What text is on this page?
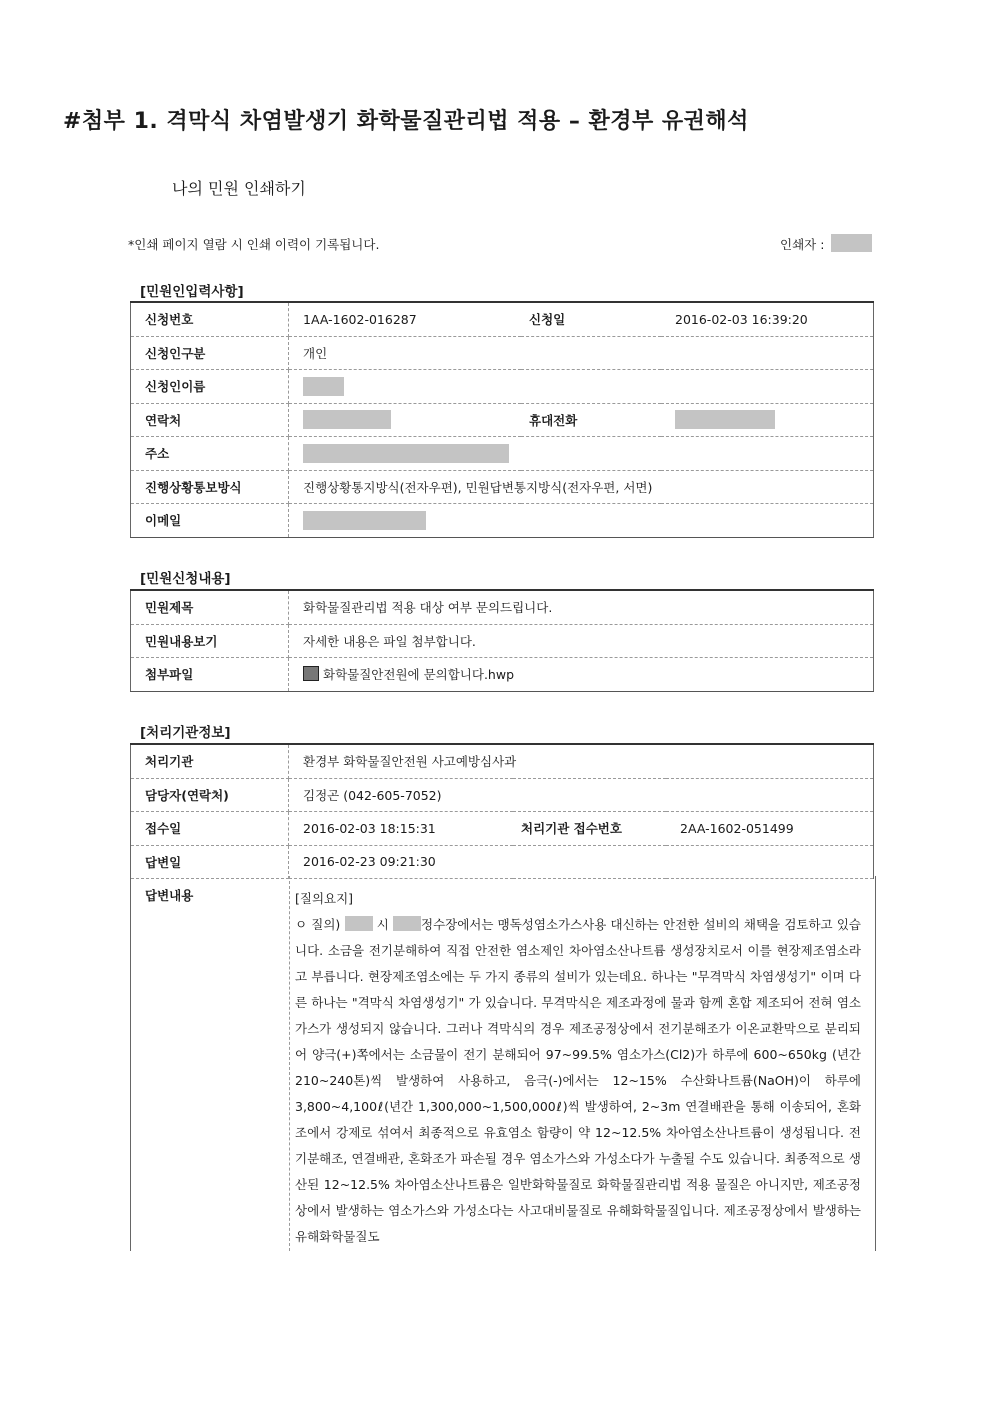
#첨부 1. 격막식 차염발생기 화학물질관리법 적용 – 환경부 유권해석
나의 민원 인쇄하기
*인쇄 페이지 열람 시 인쇄 이력이 기록됩니다.	인쇄자 :
[민원인입력사항]
신청번호	1AA-1602-016287	신청일	2016-02-03 16:39:20
신청인구분	개인		
신청인이름			
연락처		휴대전화	
주소			
진행상황통보방식	진행상황통지방식(전자우편), 민원답변통지방식(전자우편, 서면)		
이메일			
[민원신청내용]
민원제목	화학물질관리법 적용 대상 여부 문의드립니다.
민원내용보기	자세한 내용은 파일 첨부합니다.
첨부파일	화학물질안전원에 문의합니다.hwp
[처리기관정보]
처리기관	환경부 화학물질안전원 사고예방심사과		
담당자(연락처)	김정곤 (042-605-7052)		
접수일	2016-02-03 18:15:31	처리기관 접수번호	2AA-1602-051499
답변일	2016-02-23 09:21:30		
답변내용	[질의요지]
ㅇ 질의)	시	정수장에서는 맹독성염소가스사용 대신하는 안전한 설비의 채택을 검토하고 있습니다. 소금을 전기분해하여 직접 안전한 염소제인 차아염소산나트륨 생성장치로서 이를 현장제조염소라고 부릅니다. 현장제조염소에는 두 가지 종류의 설비가 있는데요. 하나는 "무격막식 차염생성기" 이며 다른 하나는 "격막식 차염생성기" 가 있습니다. 무격막식은 제조과정에 물과 함께 혼합 제조되어 전혀 염소가스가 생성되지 않습니다. 그러나 격막식의 경우 제조공정상에서 전기분해조가 이온교환막으로 분리되어 양극(+)쪽에서는 소금물이 전기 분해되어 97~99.5% 염소가스(Cl2)가 하루에 600~650kg (년간 210~240톤)씩 발생하여 사용하고, 음극(-)에서는 12~15% 수산화나트륨(NaOH)이 하루에 3,800~4,100ℓ(년간 1,300,000~1,500,000ℓ)씩 발생하여, 2~3m 연결배관을 통해 이송되어, 혼화조에서 강제로 섞여서 최종적으로 유효염소 함량이 약 12~12.5% 차아염소산나트륨이 생성됩니다. 전기분해조, 연결배관, 혼화조가 파손될 경우 염소가스와 가성소다가 누출될 수도 있습니다. 최종적으로 생산된 12~12.5% 차아염소산나트륨은 일반화학물질로 화학물질관리법 적용 물질은 아니지만, 제조공정상에서 발생하는 염소가스와 가성소다는 사고대비물질로 유해화학물질입니다. 제조공정상에서 발생하는 유해화학물질도
